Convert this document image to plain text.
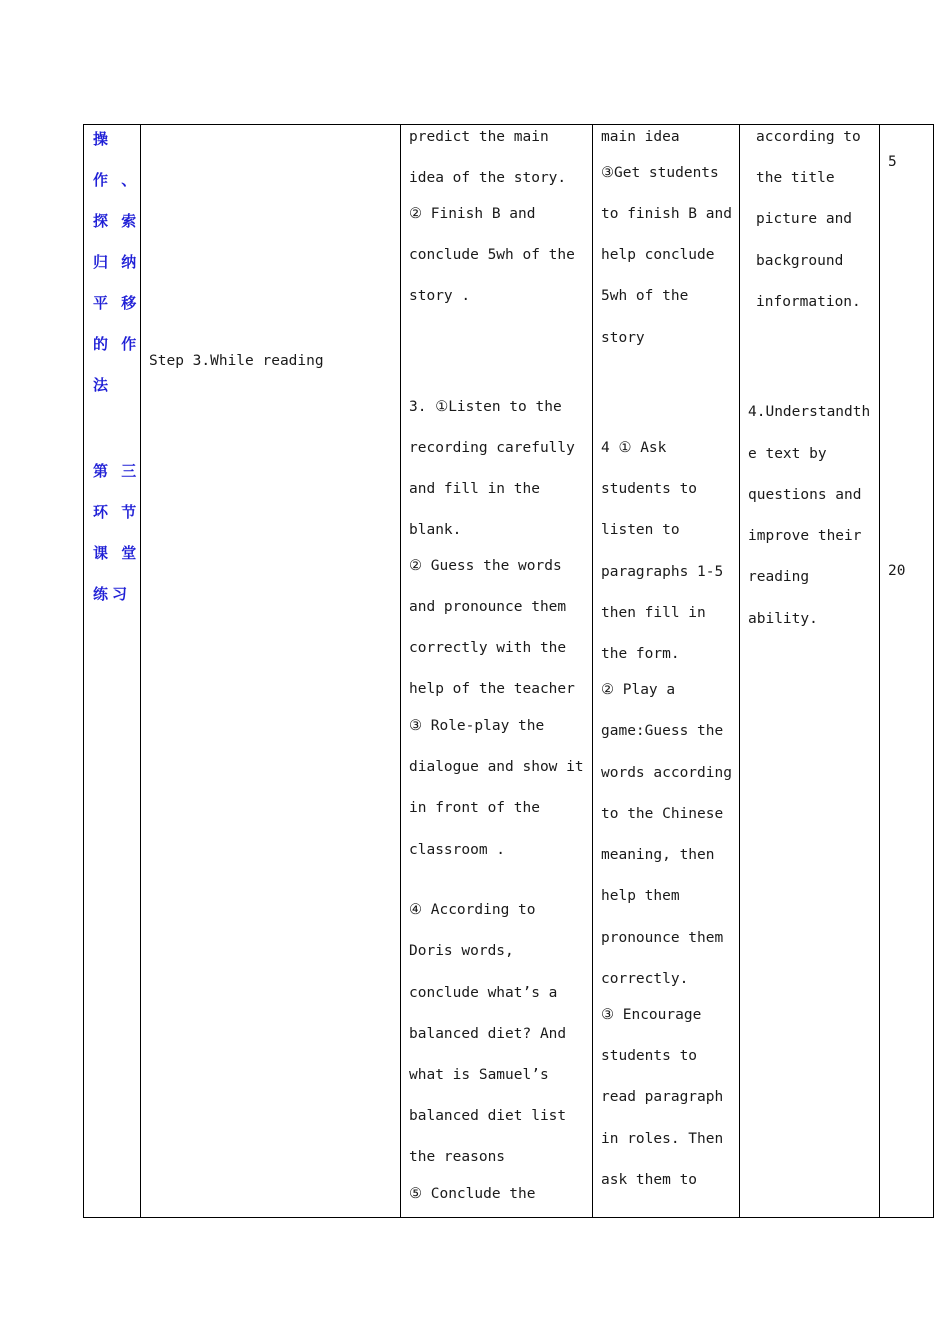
操
作 、
探 索
归 纳
平 移
的 作
法
第 三
环 节
课 堂
练习
Step 3.While reading
predict the main
idea of the story.
② Finish B and
conclude 5wh of the
story .
3. ①Listen to the
recording carefully
and fill in the
blank.
② Guess the words
and pronounce them
correctly with the
help of the teacher
③ Role-play the
dialogue and show it
in front of the
classroom .
④ According to
Doris words,
conclude what’s a
balanced diet? And
what is Samuel’s
balanced diet list
the reasons
⑤ Conclude the
main idea
③Get students
to finish B and
help conclude
5wh of the
story
4 ① Ask
students to
listen to
paragraphs 1-5
then fill in
the form.
② Play a
game:Guess the
words according
to the Chinese
meaning, then
help them
pronounce them
correctly.
③ Encourage
students to
read paragraph
in roles. Then
ask them to
according to
the title
picture and
background
information.
4.Understandth
e text by
questions and
improve their
reading
ability.
5
20
